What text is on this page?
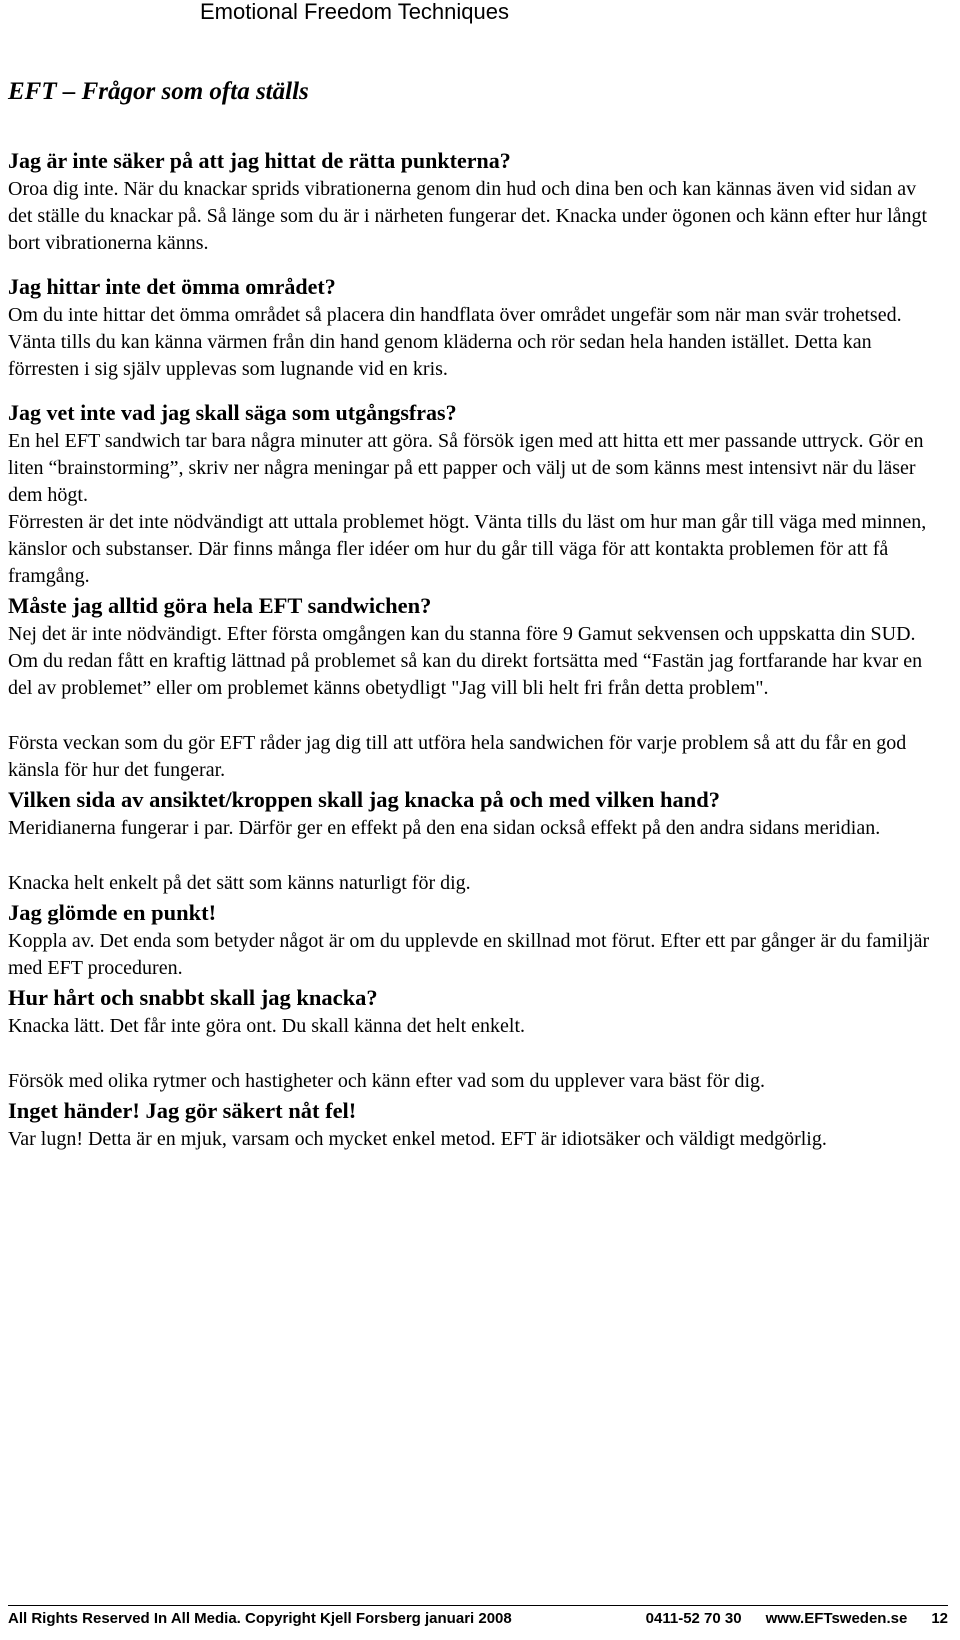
Emotional Freedom Techniques
EFT – Frågor som ofta ställs

Jag är inte säker på att jag hittat de rätta punkterna?

Oroa dig inte. När du knackar sprids vibrationerna genom din hud och dina ben och kan kännas även vid sidan av det ställe du knackar på. Så länge som du är i närheten fungerar det. Knacka under ögonen och känn efter hur långt bort vibrationerna känns.

Jag hittar inte det ömma området?

Om du inte hittar det ömma området så placera din handflata över området ungefär som när man svär trohetsed. Vänta tills du kan känna värmen från din hand genom kläderna och rör sedan hela handen istället. Detta kan förresten i sig själv upplevas som lugnande vid en kris.

Jag vet inte vad jag skall säga som utgångsfras?

En hel EFT sandwich tar bara några minuter att göra. Så försök igen med att hitta ett mer passande uttryck. Gör en liten “brainstorming”, skriv ner några meningar på ett papper och välj ut de som känns mest intensivt när du läser dem högt.

Förresten är det inte nödvändigt att uttala problemet högt. Vänta tills du läst om hur man går till väga med minnen, känslor och substanser. Där finns många fler idéer om hur du går till väga för att kontakta problemen för att få framgång.

Måste jag alltid göra hela EFT sandwichen?

Nej det är inte nödvändigt. Efter första omgången kan du stanna före 9 Gamut sekvensen och uppskatta din SUD.

Om du redan fått en kraftig lättnad på problemet så kan du direkt fortsätta med “Fastän jag fortfarande har kvar en del av problemet” eller om problemet känns obetydligt "Jag vill bli helt fri från detta problem".

Första veckan som du gör EFT råder jag dig till att utföra hela sandwichen för varje problem så att du får en god känsla för hur det fungerar.

Vilken sida av ansiktet/kroppen skall jag knacka på och med vilken hand?

Meridianerna fungerar i par. Därför ger en effekt på den ena sidan också effekt på den andra sidans meridian.

Knacka helt enkelt på det sätt som känns naturligt för dig.

Jag glömde en punkt!

Koppla av. Det enda som betyder något är om du upplevde en skillnad mot förut. Efter ett par gånger är du familjär med EFT proceduren.

Hur hårt och snabbt skall jag knacka?

Knacka lätt. Det får inte göra ont. Du skall känna det helt enkelt.

Försök med olika rytmer och hastigheter och känn efter vad som du upplever vara bäst för dig.

Inget händer! Jag gör säkert nåt fel!

Var lugn! Detta är en mjuk, varsam och mycket enkel metod. EFT är idiotsäker och väldigt medgörlig.

All Rights Reserved In All Media. Copyright Kjell Forsberg januari 2008	0411-52 70 30 www.EFTsweden.se 12
